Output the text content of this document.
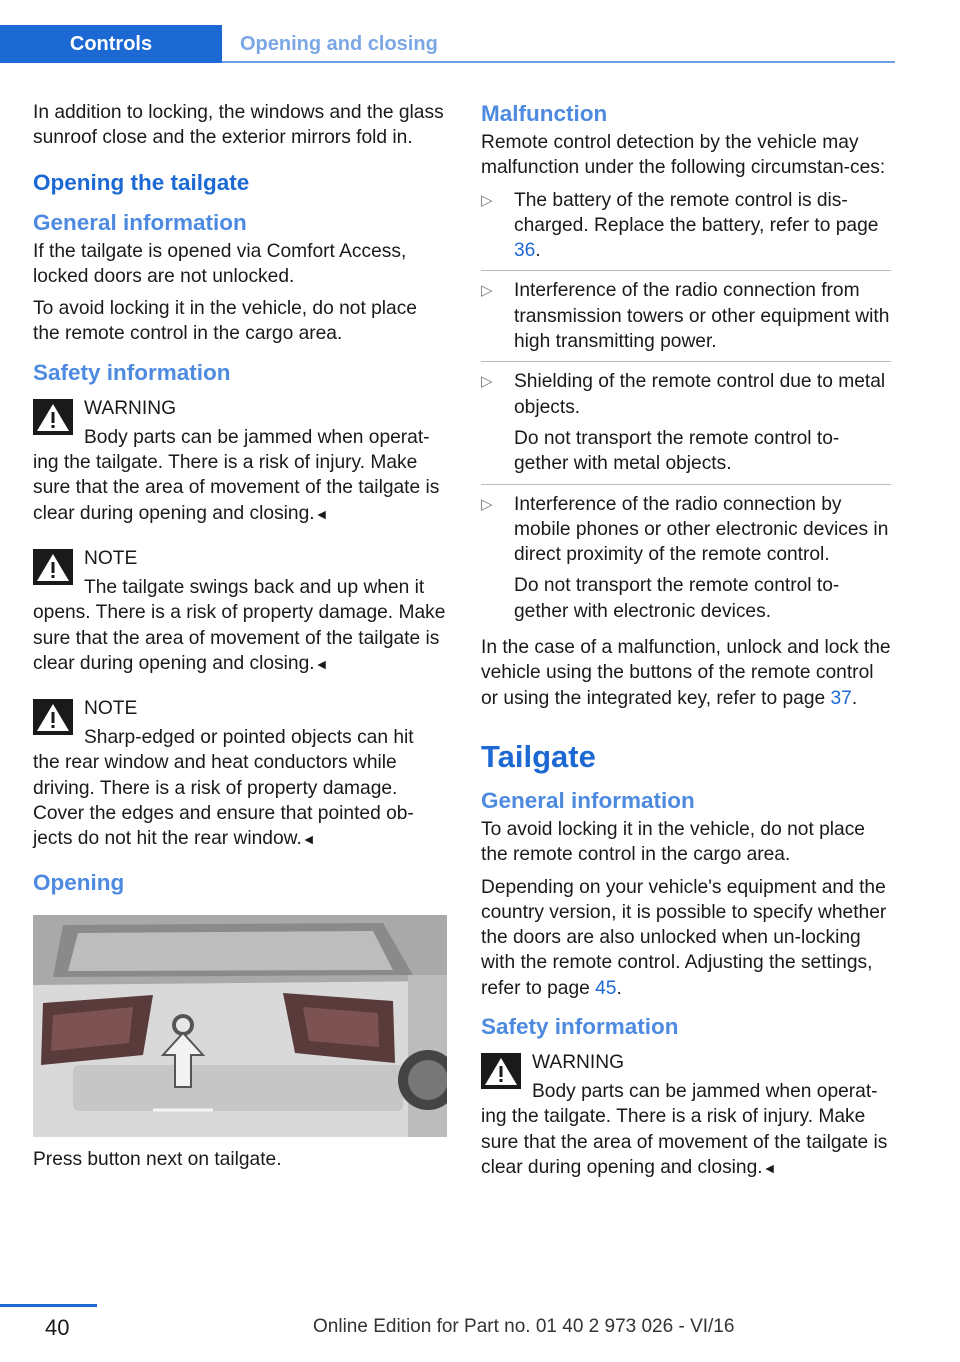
Controls	Opening and closing

In addition to locking, the windows and the glass sunroof close and the exterior mirrors fold in.

Opening the tailgate
General information

If the tailgate is opened via Comfort Access, locked doors are not unlocked.

To avoid locking it in the vehicle, do not place the remote control in the cargo area.

Safety information
WARNING
Body parts can be jammed when operat-
ing the tailgate. There is a risk of injury. Make sure that the area of movement of the tailgate is clear during opening and closing.◄
NOTE
The tailgate swings back and up when it
opens. There is a risk of property damage. Make sure that the area of movement of the tailgate is clear during opening and closing.◄
NOTE
Sharp-edged or pointed objects can hit
the rear window and heat conductors while driving. There is a risk of property damage. Cover the edges and ensure that pointed ob-jects do not hit the rear window.◄
Opening

Press button next on tailgate.

Malfunction

Remote control detection by the vehicle may malfunction under the following circumstan-ces:

▷ The battery of the remote control is dis-charged. Replace the battery, refer to page 36.
▷ Interference of the radio connection from transmission towers or other equipment with high transmitting power.
▷ Shielding of the remote control due to metal objects.
Do not transport the remote control to-gether with metal objects.
▷ Interference of the radio connection by mobile phones or other electronic devices in direct proximity of the remote control.
Do not transport the remote control to-gether with electronic devices.

In the case of a malfunction, unlock and lock the vehicle using the buttons of the remote control or using the integrated key, refer to page 37.

Tailgate
General information

To avoid locking it in the vehicle, do not place the remote control in the cargo area.

Depending on your vehicle's equipment and the country version, it is possible to specify whether the doors are also unlocked when un-locking with the remote control. Adjusting the settings, refer to page 45.

Safety information
WARNING
Body parts can be jammed when operat-
ing the tailgate. There is a risk of injury. Make sure that the area of movement of the tailgate is clear during opening and closing.◄
40	Online Edition for Part no. 01 40 2 973 026 - VI/16
